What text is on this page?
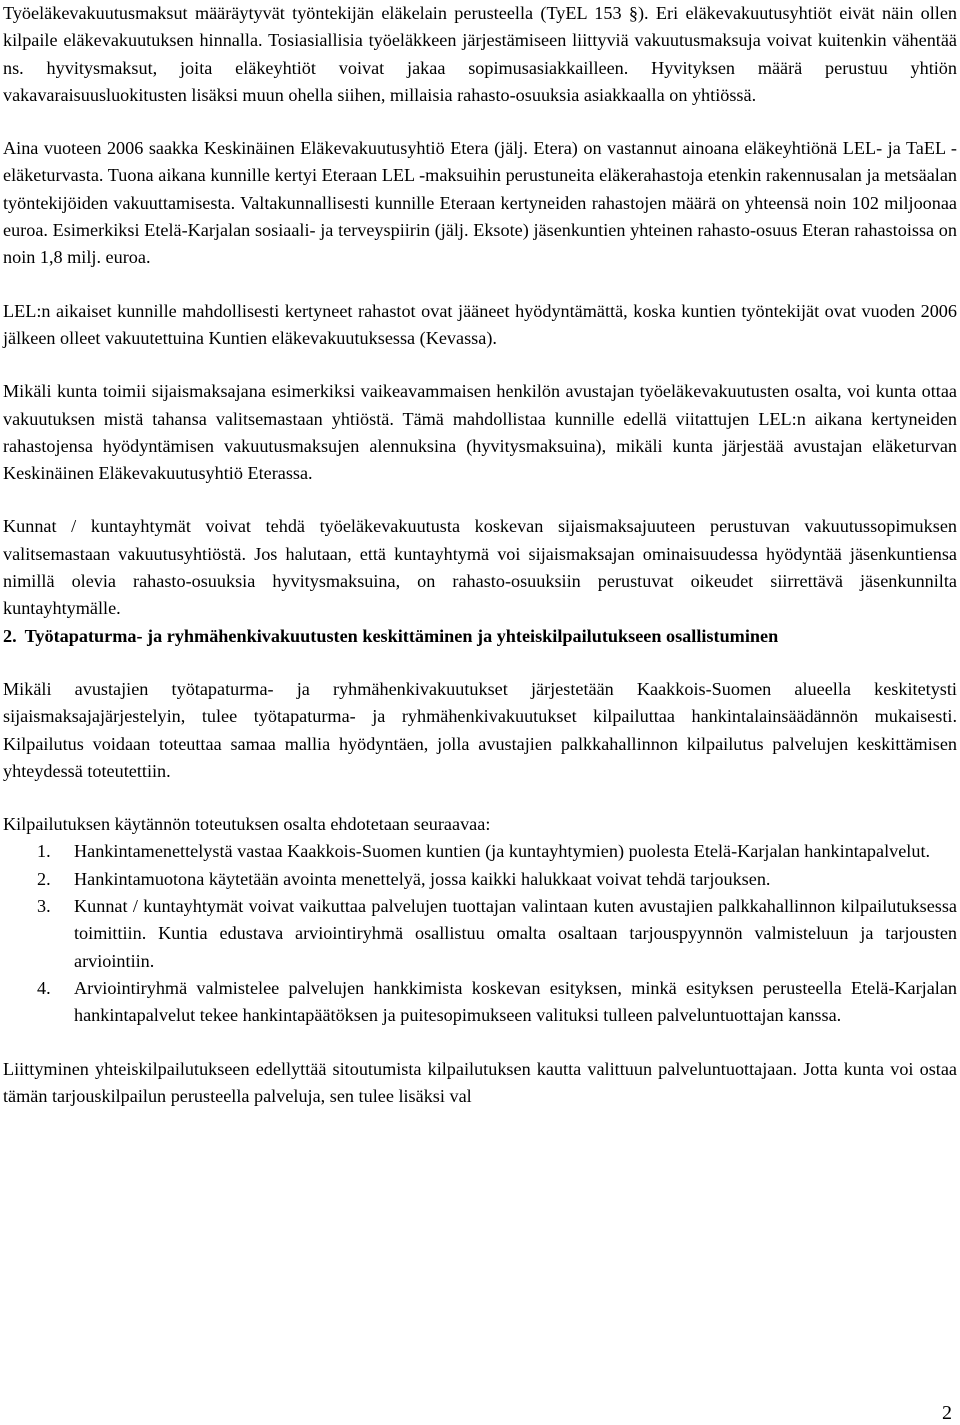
Työeläkevakuutusmaksut määräytyvät työntekijän eläkelain perusteella (TyEL 153 §). Eri eläkevakuutusyhtiöt eivät näin ollen kilpaile eläkevakuutuksen hinnalla. Tosiasiallisia työeläkkeen järjestämiseen liittyviä vakuutusmaksuja voivat kuitenkin vähentää ns. hyvitysmaksut, joita eläkeyhtiöt voivat jakaa sopimusasiakkailleen. Hyvityksen määrä perustuu yhtiön vakavaraisuusluokitusten lisäksi muun ohella siihen, millaisia rahasto-osuuksia asiakkaalla on yhtiössä.

Aina vuoteen 2006 saakka Keskinäinen Eläkevakuutusyhtiö Etera (jälj. Etera) on vastannut ainoana eläkeyhtiönä LEL- ja TaEL -eläketurvasta. Tuona aikana kunnille kertyi Eteraan LEL -maksuihin perustuneita eläkerahastoja etenkin rakennusalan ja metsäalan työntekijöiden vakuuttamisesta. Valtakunnallisesti kunnille Eteraan kertyneiden rahastojen määrä on yhteensä noin 102 miljoonaa euroa. Esimerkiksi Etelä-Karjalan sosiaali- ja terveyspiirin (jälj. Eksote) jäsenkuntien yhteinen rahasto-osuus Eteran rahastoissa on noin 1,8 milj. euroa.

LEL:n aikaiset kunnille mahdollisesti kertyneet rahastot ovat jääneet hyödyntämättä, koska kuntien työntekijät ovat vuoden 2006 jälkeen olleet vakuutettuina Kuntien eläkevakuutuksessa (Kevassa).

Mikäli kunta toimii sijaismaksajana esimerkiksi vaikeavammaisen henkilön avustajan työeläkevakuutusten osalta, voi kunta ottaa vakuutuksen mistä tahansa valitsemastaan yhtiöstä. Tämä mahdollistaa kunnille edellä viitattujen LEL:n aikana kertyneiden rahastojensa hyödyntämisen vakuutusmaksujen alennuksina (hyvitysmaksuina), mikäli kunta järjestää avustajan eläketurvan Keskinäinen Eläkevakuutusyhtiö Eterassa.

Kunnat / kuntayhtymät voivat tehdä työeläkevakuutusta koskevan sijaismaksajuuteen perustuvan vakuutussopimuksen valitsemastaan vakuutusyhtiöstä. Jos halutaan, että kuntayhtymä voi sijaismaksajan ominaisuudessa hyödyntää jäsenkuntiensa nimillä olevia rahasto-osuuksia hyvitysmaksuina, on rahasto-osuuksiin perustuvat oikeudet siirrettävä jäsenkunnilta kuntayhtymälle.

2. Työtapaturma- ja ryhmähenkivakuutusten keskittäminen ja yhteiskilpailutukseen osallistuminen

Mikäli avustajien työtapaturma- ja ryhmähenkivakuutukset järjestetään Kaakkois-Suomen alueella keskitetysti sijaismaksajajärjestelyin, tulee työtapaturma- ja ryhmähenkivakuutukset kilpailuttaa hankintalainsäädännön mukaisesti. Kilpailutus voidaan toteuttaa samaa mallia hyödyntäen, jolla avustajien palkkahallinnon kilpailutus palvelujen keskittämisen yhteydessä toteutettiin.

Kilpailutuksen käytännön toteutuksen osalta ehdotetaan seuraavaa:

1. Hankintamenettelystä vastaa Kaakkois-Suomen kuntien (ja kuntayhtymien) puolesta Etelä-Karjalan hankintapalvelut.
2. Hankintamuotona käytetään avointa menettelyä, jossa kaikki halukkaat voivat tehdä tarjouksen.
3. Kunnat / kuntayhtymät voivat vaikuttaa palvelujen tuottajan valintaan kuten avustajien palkkahallinnon kilpailutuksessa toimittiin. Kuntia edustava arviointiryhmä osallistuu omalta osaltaan tarjouspyynnön valmisteluun ja tarjousten arviointiin.
4. Arviointiryhmä valmistelee palvelujen hankkimista koskevan esityksen, minkä esityksen perusteella Etelä-Karjalan hankintapalvelut tekee hankintapäätöksen ja puitesopimukseen valituksi tulleen palveluntuottajan kanssa.

Liittyminen yhteiskilpailutukseen edellyttää sitoutumista kilpailutuksen kautta valittuun palveluntuottajaan. Jotta kunta voi ostaa tämän tarjouskilpailun perusteella palveluja, sen tulee lisäksi val

2
